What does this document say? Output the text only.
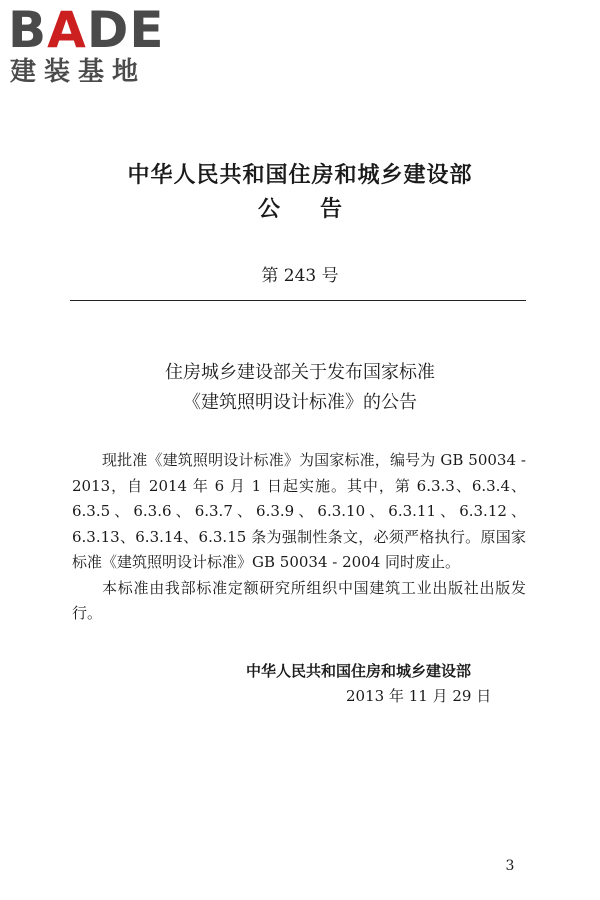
BADE
建装基地
中华人民共和国住房和城乡建设部
公告
第 243 号
住房城乡建设部关于发布国家标准
《建筑照明设计标准》的公告

现批准《建筑照明设计标准》为国家标准，编号为 GB 50034 - 2013，自 2014 年 6 月 1 日起实施。其中，第 6.3.3、6.3.4、6.3.5、6.3.6、6.3.7、6.3.9、6.3.10、6.3.11、6.3.12、6.3.13、6.3.14、6.3.15 条为强制性条文，必须严格执行。原国家标准《建筑照明设计标准》GB 50034 - 2004 同时废止。

本标准由我部标准定额研究所组织中国建筑工业出版社出版发行。

中华人民共和国住房和城乡建设部
2013 年 11 月 29 日
3
